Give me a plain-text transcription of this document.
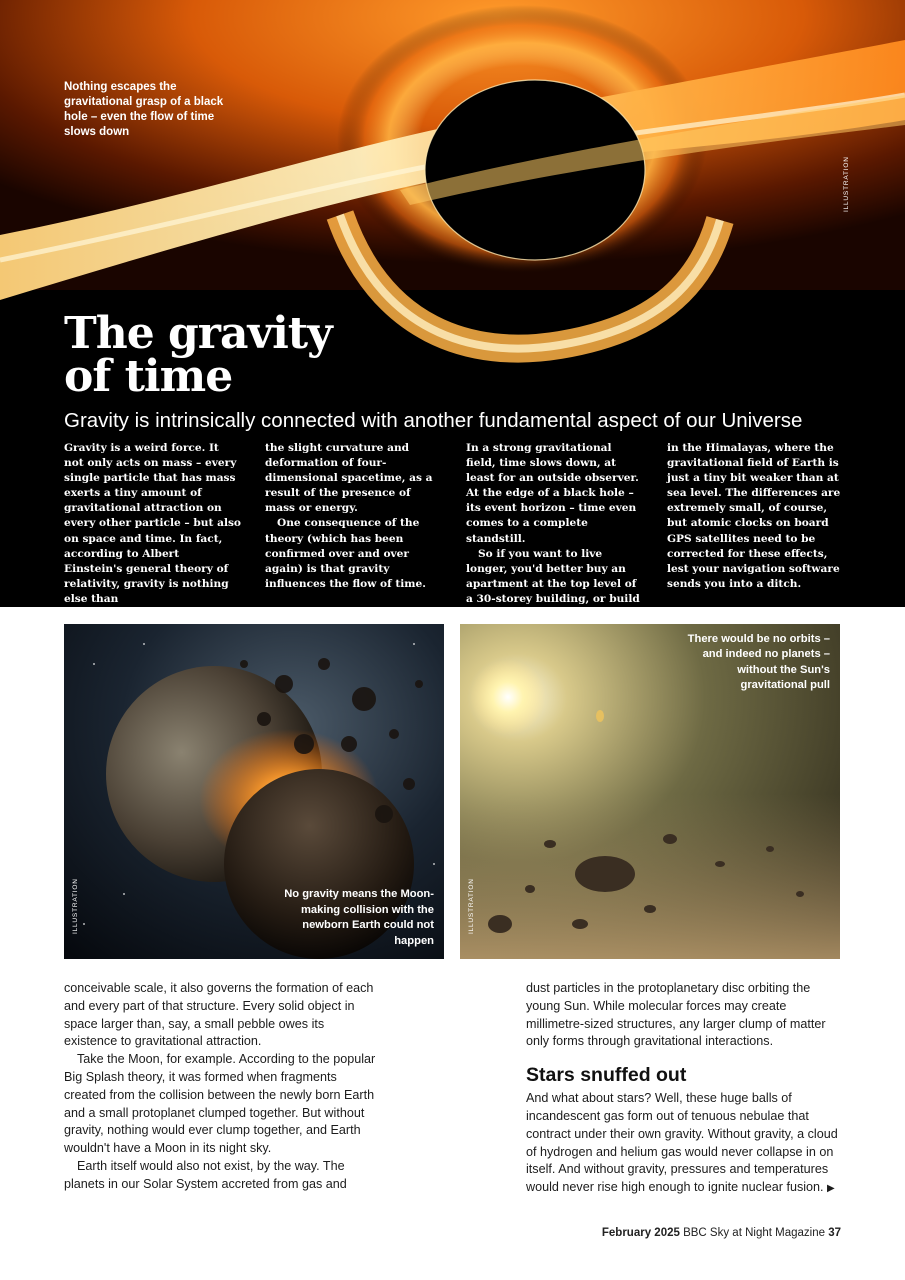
Nothing escapes the gravitational grasp of a black hole – even the flow of time slows down
ILLUSTRATION
The gravity
of time
Gravity is intrinsically connected with another fundamental aspect of our Universe

Gravity is a weird force. It not only acts on mass – every single particle that has mass exerts a tiny amount of gravitational attraction on every other particle – but also on space and time. In fact, according to Albert Einstein's general theory of relativity, gravity is nothing else than

the slight curvature and deformation of four-dimensional spacetime, as a result of the presence of mass or energy.

One consequence of the theory (which has been confirmed over and over again) is that gravity influences the flow of time.

In a strong gravitational field, time slows down, at least for an outside observer. At the edge of a black hole – its event horizon – time even comes to a complete standstill.

So if you want to live longer, you'd better buy an apartment at the top level of a 30-storey building, or build your house

in the Himalayas, where the gravitational field of Earth is just a tiny bit weaker than at sea level. The differences are extremely small, of course, but atomic clocks on board GPS satellites need to be corrected for these effects, lest your navigation software sends you into a ditch.

No gravity means the Moon-making collision with the newborn Earth could not happen
ILLUSTRATION
There would be no orbits – and indeed no planets – without the Sun's gravitational pull
ILLUSTRATION

conceivable scale, it also governs the formation of each and every part of that structure. Every solid object in space larger than, say, a small pebble owes its existence to gravitational attraction.

Take the Moon, for example. According to the popular Big Splash theory, it was formed when fragments created from the collision between the newly born Earth and a small protoplanet clumped together. But without gravity, nothing would ever clump together, and Earth wouldn't have a Moon in its night sky.

Earth itself would also not exist, by the way. The planets in our Solar System accreted from gas and

dust particles in the protoplanetary disc orbiting the young Sun. While molecular forces may create millimetre-sized structures, any larger clump of matter only forms through gravitational interactions.

Stars snuffed out

And what about stars? Well, these huge balls of incandescent gas form out of tenuous nebulae that contract under their own gravity. Without gravity, a cloud of hydrogen and helium gas would never collapse in on itself. And without gravity, pressures and temperatures would never rise high enough to ignite nuclear fusion. ▶

February 2025 BBC Sky at Night Magazine 37
